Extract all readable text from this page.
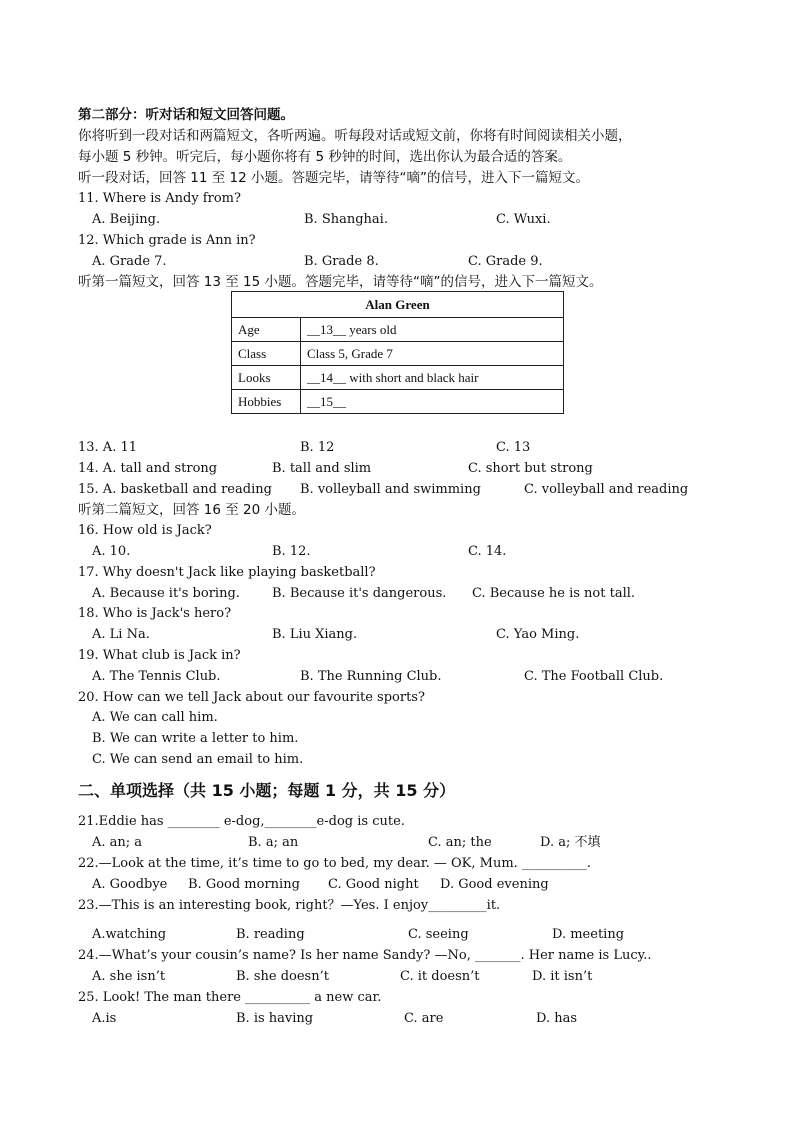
第二部分：听对话和短文回答问题。
你将听到一段对话和两篇短文，各听两遍。听每段对话或短文前，你将有时间阅读相关小题，
每小题 5 秒钟。听完后，每小题你将有 5 秒钟的时间，选出你认为最合适的答案。
听一段对话，回答 11 至 12 小题。答题完毕，请等待“嘀”的信号，进入下一篇短文。
11. Where is Andy from?
A. Beijing.	B. Shanghai.	C. Wuxi.
12. Which grade is Ann in?
A. Grade 7.	B. Grade 8.	C. Grade 9.
听第一篇短文，回答 13 至 15 小题。答题完毕，请等待“嘀”的信号，进入下一篇短文。
Alan Green	
Age	__13__ years old
Class	Class 5, Grade 7
Looks	__14__ with short and black hair
Hobbies	__15__
13. A. 11	B. 12	C. 13
14. A. tall and strong	B. tall and slim	C. short but strong
15. A. basketball and reading B. volleyball and swimming	C. volleyball and reading
听第二篇短文，回答 16 至 20 小题。
16. How old is Jack?
A. 10.	B. 12.	C. 14.
17. Why doesn't Jack like playing basketball?
A. Because it's boring. B. Because it's dangerous. C. Because he is not tall.
18. Who is Jack's hero?
A. Li Na.	B. Liu Xiang.	C. Yao Ming.
19. What club is Jack in?
A. The Tennis Club.	B. The Running Club.	C. The Football Club.
20. How can we tell Jack about our favourite sports?
A. We can call him.
B. We can write a letter to him.
C. We can send an email to him.
二、单项选择（共 15 小题；每题 1 分，共 15 分）
21.Eddie has ________ e-dog,________e-dog is cute.
A. an; a	B. a; an	C. an; the	D. a; 不填
22.—Look at the time, it’s time to go to bed, my dear. — OK, Mum. __________.
A. Goodbye B. Good morning C. Good night D. Good evening
23.—This is an interesting book, right？—Yes. I enjoy_________it.
A.watching	B. reading	C. seeing	D. meeting
24.—What’s your cousin’s name? Is her name Sandy? —No, _______. Her name is Lucy..
A. she isn’t	B. she doesn’t	C. it doesn’t	D. it isn’t
25. Look! The man there __________ a new car.
A.is	B. is having	C. are	D. has
